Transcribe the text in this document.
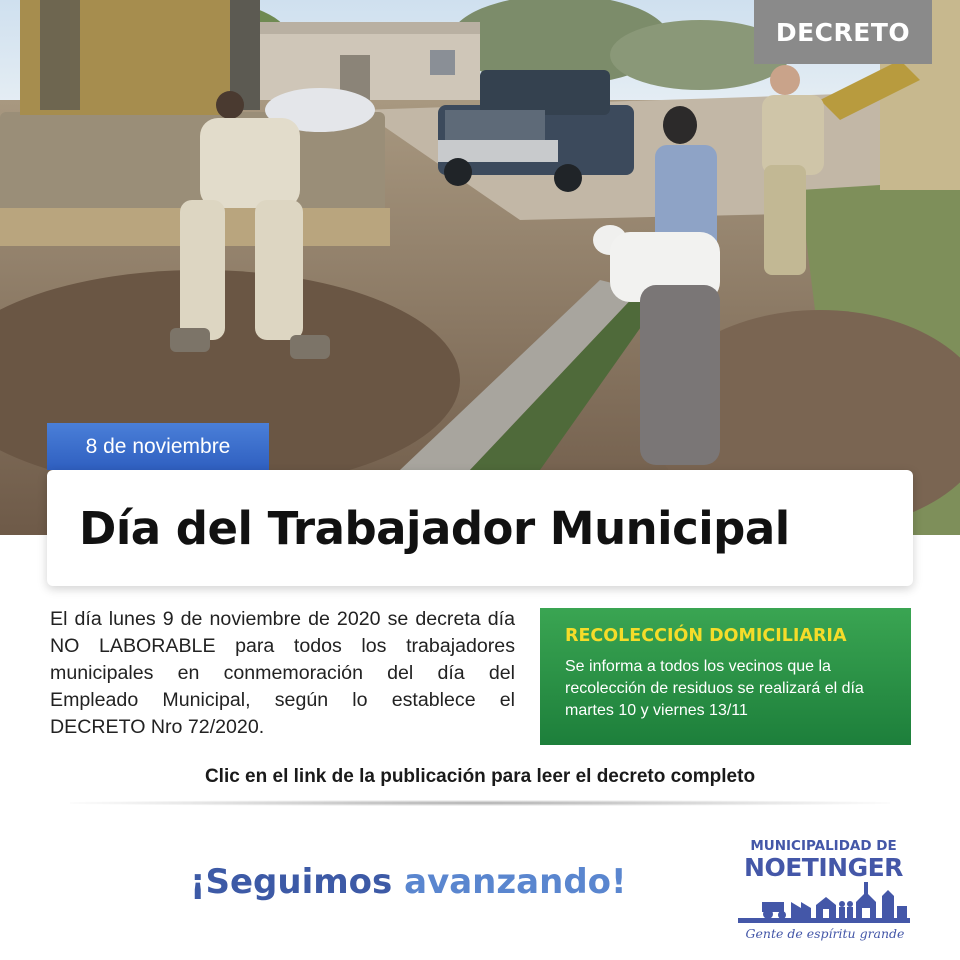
DECRETO
8 de noviembre
Día del Trabajador Municipal

El día lunes 9 de noviembre de 2020 se decreta día NO LABORABLE para todos los trabajadores municipales en conmemoración del día del Empleado Municipal, según lo establece el DECRETO Nro 72/2020.

RECOLECCIÓN DOMICILIARIA
Se informa a todos los vecinos que la recolección de residuos se realizará el día martes 10 y viernes 13/11
Clic en el link de la publicación para leer el decreto completo
¡Seguimos avanzando!
MUNICIPALIDAD DE
NOETINGER
Gente de espíritu grande
